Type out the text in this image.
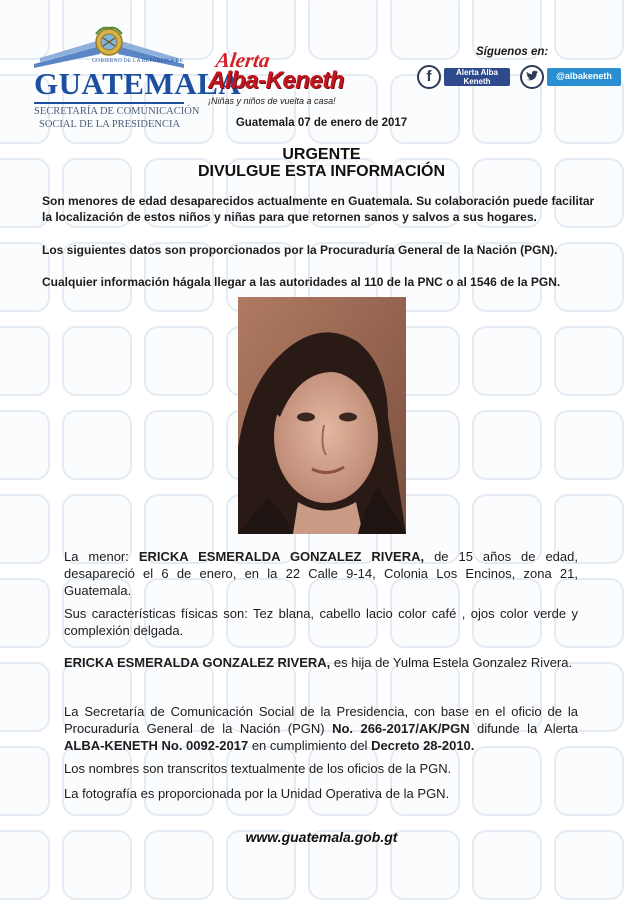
GOBIERNO DE LA REPÚBLICA DE
GUATEMALA
SECRETARÍA DE COMUNICACIÓN
SOCIAL DE LA PRESIDENCIA
Alerta
Alba-Keneth
¡Niñas y niños de vuelta a casa!
Síguenos en:
f	Alerta Alba
Keneth	@albakeneth
Guatemala 07 de enero de 2017
URGENTE
DIVULGUE ESTA INFORMACIÓN

Son menores de edad desaparecidos actualmente en Guatemala. Su colaboración puede facilitar la localización de estos niños y niñas para que retornen sanos y salvos a sus hogares.

Los siguientes datos son proporcionados por la Procuraduría General de la Nación (PGN).

Cualquier información hágala llegar a las autoridades al 110 de la PNC o al 1546 de la PGN.

La menor: ERICKA ESMERALDA GONZALEZ RIVERA, de 15 años de edad, desapareció el 6 de enero, en la 22 Calle 9-14, Colonia Los Encinos, zona 21, Guatemala.

Sus características físicas son: Tez blana, cabello lacio color café , ojos color verde y complexión delgada.

ERICKA ESMERALDA GONZALEZ RIVERA, es hija de Yulma Estela Gonzalez Rivera.

La Secretaría de Comunicación Social de la Presidencia, con base en el oficio de la Procuraduría General de la Nación (PGN) No. 266-2017/AK/PGN difunde la Alerta ALBA-KENETH No. 0092-2017 en cumplimiento del Decreto 28-2010.

Los nombres son transcritos textualmente de los oficios de la PGN.

La fotografía es proporcionada por la Unidad Operativa de la PGN.

www.guatemala.gob.gt
